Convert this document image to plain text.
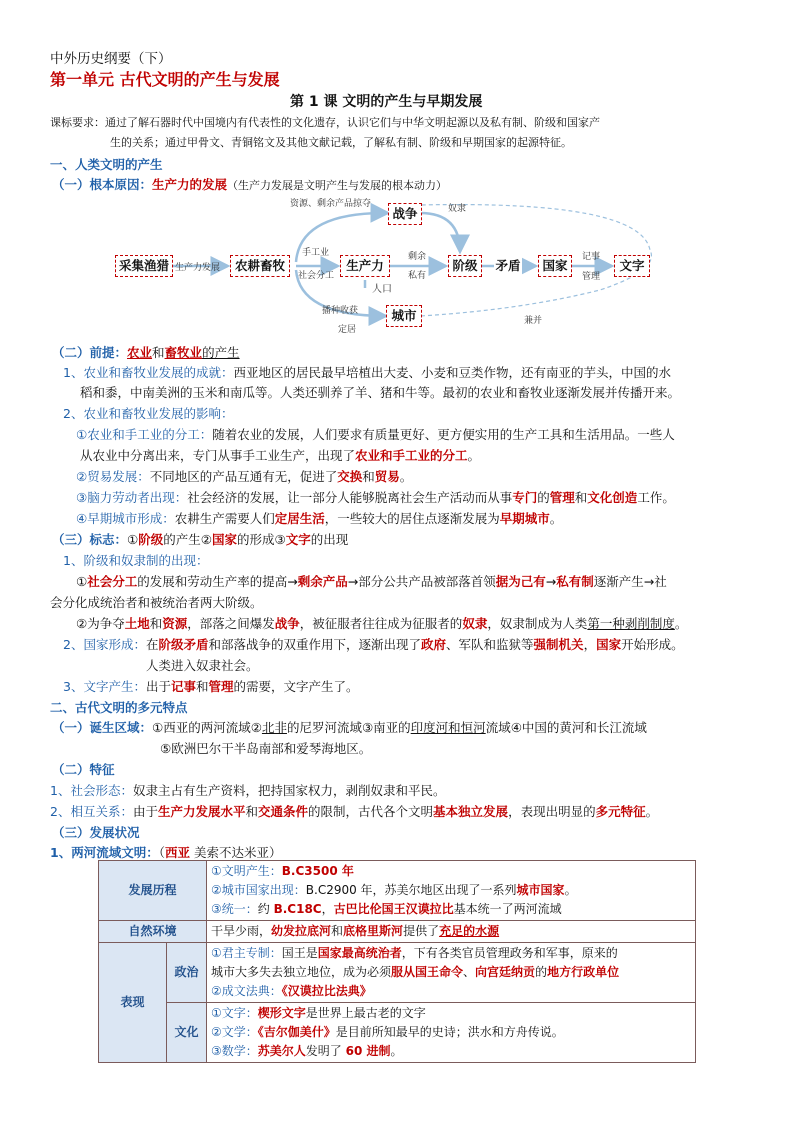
中外历史纲要（下）
第一单元 古代文明的产生与发展
第 1 课 文明的产生与早期发展
课标要求：通过了解石器时代中国境内有代表性的文化遗存，认识它们与中华文明起源以及私有制、阶级和国家产
生的关系；通过甲骨文、青铜铭文及其他文献记载，了解私有制、阶级和早期国家的起源特征。
一、人类文明的产生
（一）根本原因：生产力的发展（生产力发展是文明产生与发展的根本动力）
采集渔猎	农耕畜牧
战争
生产力	阶级	矛盾	国家	文字
城市
生产力发展
资源、剩余产品掠夺	奴隶
手工业
社会分工
剩余
私有
人口
记事
管理
播种收获
定居
兼并
（二）前提：农业和畜牧业的产生
1、农业和畜牧业发展的成就：西亚地区的居民最早培植出大麦、小麦和豆类作物，还有南亚的芋头，中国的水
稻和黍，中南美洲的玉米和南瓜等。人类还驯养了羊、猪和牛等。最初的农业和畜牧业逐渐发展并传播开来。
2、农业和畜牧业发展的影响：
①农业和手工业的分工：随着农业的发展，人们要求有质量更好、更方便实用的生产工具和生活用品。一些人
从农业中分离出来，专门从事手工业生产，出现了农业和手工业的分工。
②贸易发展：不同地区的产品互通有无，促进了交换和贸易。
③脑力劳动者出现：社会经济的发展，让一部分人能够脱离社会生产活动而从事专门的管理和文化创造工作。
④早期城市形成：农耕生产需要人们定居生活，一些较大的居住点逐渐发展为早期城市。
（三）标志：①阶级的产生②国家的形成③文字的出现
1、阶级和奴隶制的出现：
①社会分工的发展和劳动生产率的提高→剩余产品→部分公共产品被部落首领据为己有→私有制逐渐产生→社
会分化成统治者和被统治者两大阶级。
②为争夺土地和资源，部落之间爆发战争，被征服者往往成为征服者的奴隶，奴隶制成为人类第一种剥削制度。
2、国家形成：在阶级矛盾和部落战争的双重作用下，逐渐出现了政府、军队和监狱等强制机关，国家开始形成。
人类进入奴隶社会。
3、文字产生：出于记事和管理的需要，文字产生了。
二、古代文明的多元特点
（一）诞生区域：①西亚的两河流域②北非的尼罗河流域③南亚的印度河和恒河流域④中国的黄河和长江流域
⑤欧洲巴尔干半岛南部和爱琴海地区。
（二）特征
1、社会形态：奴隶主占有生产资料，把持国家权力，剥削奴隶和平民。
2、相互关系：由于生产力发展水平和交通条件的限制，古代各个文明基本独立发展，表现出明显的多元特征。
（三）发展状况
1、两河流域文明：（西亚 美索不达米亚）
发展历程		①文明产生：B.C3500 年
②城市国家出现：B.C2900 年，苏美尔地区出现了一系列城市国家。
③统一：约 B.C18C，古巴比伦国王汉谟拉比基本统一了两河流域

自然环境		干旱少雨，幼发拉底河和底格里斯河提供了充足的水源
表现	政治	①君主专制：国王是国家最高统治者，下有各类官员管理政务和军事，原来的
城市大多失去独立地位，成为必须服从国王命令、向宫廷纳贡的地方行政单位
②成文法典：《汉谟拉比法典》

	文化	①文字：楔形文字是世界上最古老的文字
②文学：《吉尔伽美什》是目前所知最早的史诗；洪水和方舟传说。
③数学：苏美尔人发明了 60 进制。
